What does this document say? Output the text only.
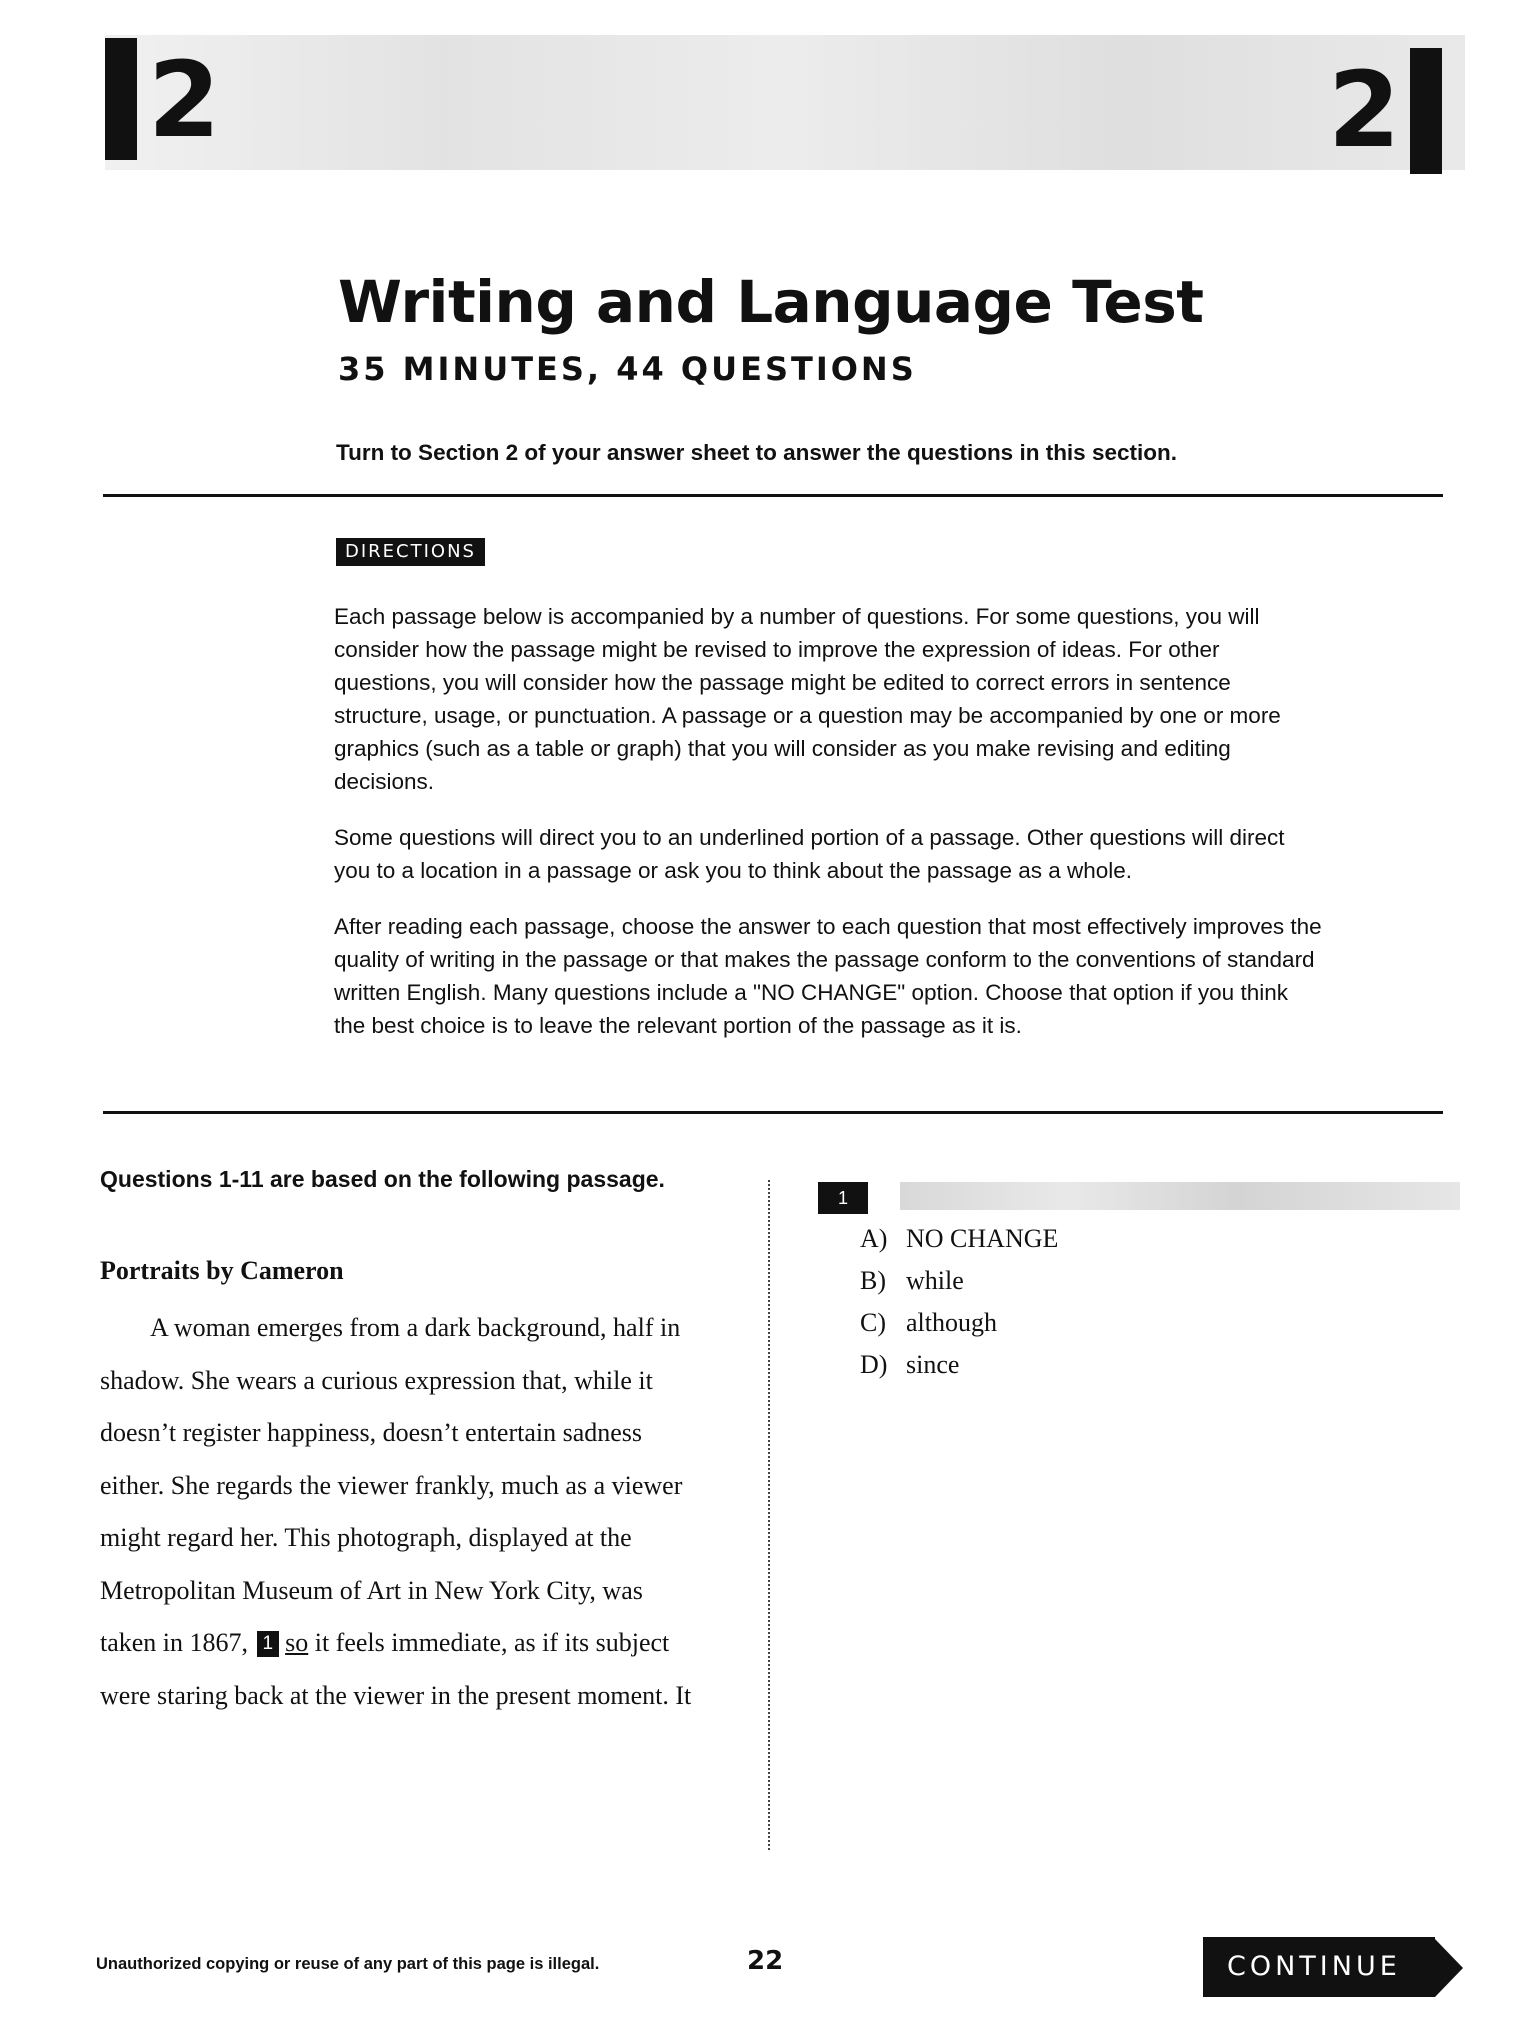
2	2
Writing and Language Test
35 MINUTES, 44 QUESTIONS
Turn to Section 2 of your answer sheet to answer the questions in this section.
DIRECTIONS

Each passage below is accompanied by a number of questions. For some questions, you will consider how the passage might be revised to improve the expression of ideas. For other questions, you will consider how the passage might be edited to correct errors in sentence structure, usage, or punctuation. A passage or a question may be accompanied by one or more graphics (such as a table or graph) that you will consider as you make revising and editing decisions.

Some questions will direct you to an underlined portion of a passage. Other questions will direct you to a location in a passage or ask you to think about the passage as a whole.

After reading each passage, choose the answer to each question that most effectively improves the quality of writing in the passage or that makes the passage conform to the conventions of standard written English. Many questions include a "NO CHANGE" option. Choose that option if you think the best choice is to leave the relevant portion of the passage as it is.

Questions 1-11 are based on the following passage.
Portraits by Cameron

A woman emerges from a dark background, half in
shadow. She wears a curious expression that, while it
doesn’t register happiness, doesn’t entertain sadness
either. She regards the viewer frankly, much as a viewer
might regard her. This photograph, displayed at the
Metropolitan Museum of Art in New York City, was
taken in 1867, 1 so it feels immediate, as if its subject
were staring back at the viewer in the present moment. It

1
A) NO CHANGE
B) while
C) although
D) since
Unauthorized copying or reuse of any part of this page is illegal.	22	CONTINUE
